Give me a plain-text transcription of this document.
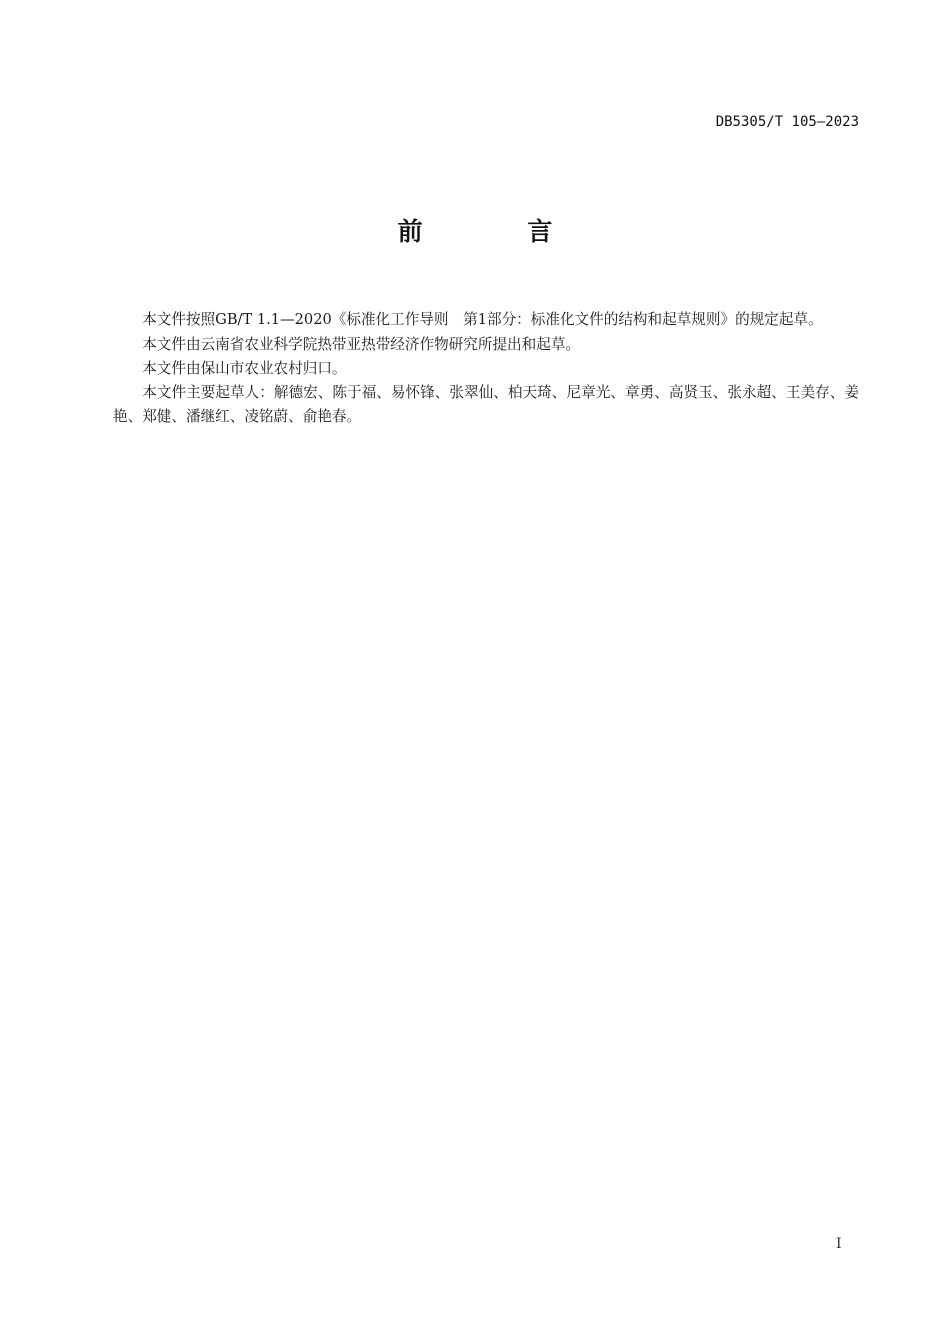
DB5305/T 105—2023
前 言

本文件按照GB/T 1.1—2020《标准化工作导则　第1部分：标准化文件的结构和起草规则》的规定起草。

本文件由云南省农业科学院热带亚热带经济作物研究所提出和起草。

本文件由保山市农业农村归口。

本文件主要起草人：解德宏、陈于福、易怀锋、张翠仙、柏天琦、尼章光、章勇、高贤玉、张永超、王美存、姜艳、郑健、潘继红、凌铭蔚、俞艳春。

I
